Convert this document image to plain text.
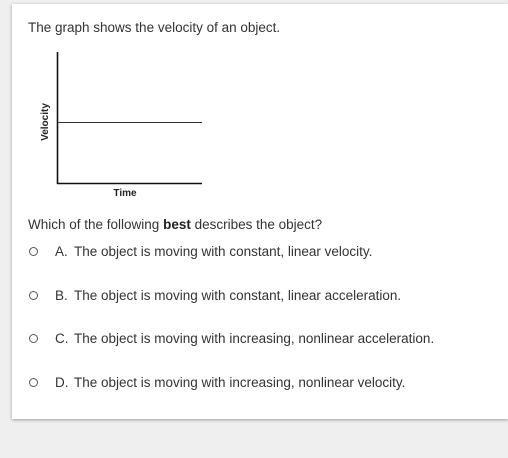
The graph shows the velocity of an object.
Velocity
Time
Which of the following best describes the object?
A. The object is moving with constant, linear velocity.
B. The object is moving with constant, linear acceleration.
C. The object is moving with increasing, nonlinear acceleration.
D. The object is moving with increasing, nonlinear velocity.
